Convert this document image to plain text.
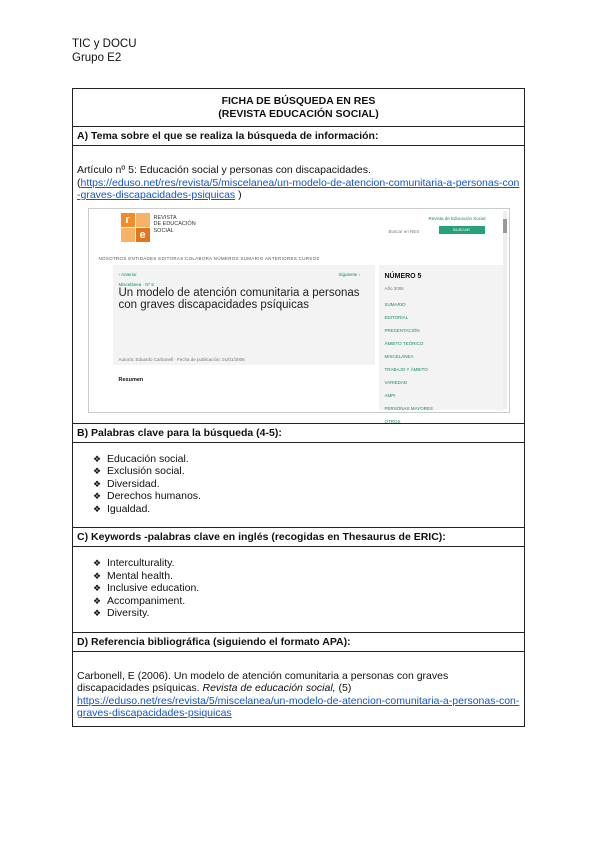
TIC y DOCU
Grupo E2
FICHA DE BÚSQUEDA EN RES
(REVISTA EDUCACIÓN SOCIAL)
A) Tema sobre el que se realiza la búsqueda de información:
Artículo nº 5: Educación social y personas con discapacidades.
(https://eduso.net/res/revista/5/miscelanea/un-modelo-de-atencion-comunitaria-a-personas-con-graves-discapacidades-psiquicas )
r
e
s
REVISTA
DE EDUCACIÓN
SOCIAL
Revista de Educación Social
Buscar en RES	BUSCAR
NOSOTROS ENTIDADES EDITORAS COLABORA NÚMEROS SUMARIO ANTERIORES CURSOS
‹ Anterior	Siguiente ›
Miscelánea · Nº 5
Un modelo de atención comunitaria a personas con graves discapacidades psíquicas
Autor/a: Eduardo Carbonell · Fecha de publicación: 01/01/2006
Resumen
NÚMERO 5
Año 2006
SUMARIO
EDITORIAL
PRESENTACIÓN
ÁMBITO TEÓRICO
MISCELÁNEA
TRABAJO Y ÁMBITO
VARIEDAD
AMPI
PERSONAS MAYORES
OTROS
B) Palabras clave para la búsqueda (4-5):
❖ Educación social.
❖ Exclusión social.
❖ Diversidad.
❖ Derechos humanos.
❖ Igualdad.
C) Keywords -palabras clave en inglés (recogidas en Thesaurus de ERIC):
❖ Interculturality.
❖ Mental health.
❖ Inclusive education.
❖ Accompaniment.
❖ Diversity.
D) Referencia bibliográfica (siguiendo el formato APA):
Carbonell, E (2006). Un modelo de atención comunitaria a personas con graves discapacidades psíquicas. Revista de educación social, (5)
https://eduso.net/res/revista/5/miscelanea/un-modelo-de-atencion-comunitaria-a-personas-con-graves-discapacidades-psiquicas
